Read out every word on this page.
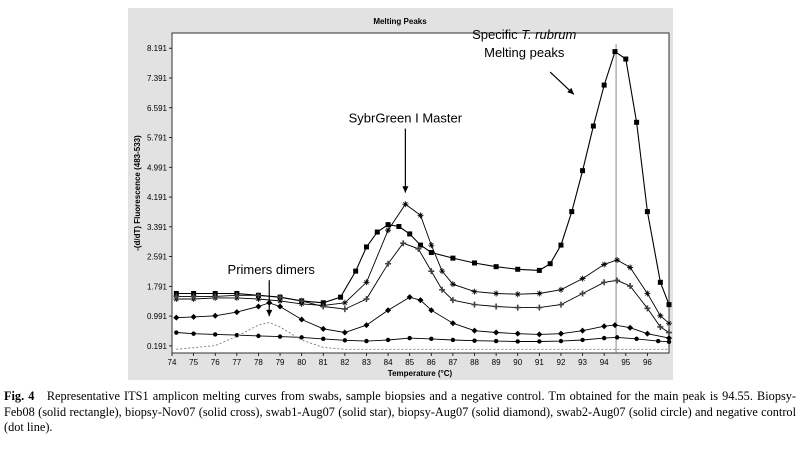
Melting Peaks
0.191
0.991
1.791
2.591
3.391
4.191
4.991
5.791
6.591
7.391
8.191
74 75 76 77 78 79 80 81 82 83 84 85 86 87 88 89 90 91 92 93 94 95 96
Primers dimers
SybrGreen I Master
Specific T. rubrum
Melting peaks
-(d/dT) Fluorescence (483-533)
Temperature (°C)
Fig. 4 Representative ITS1 amplicon melting curves from swabs, sample biopsies and a negative control. Tm obtained for the main peak is 94.55. Biopsy-Feb08 (solid rectangle), biopsy-Nov07 (solid cross), swab1-Aug07 (solid star), biopsy-Aug07 (solid diamond), swab2-Aug07 (solid circle) and negative control (dot line).
